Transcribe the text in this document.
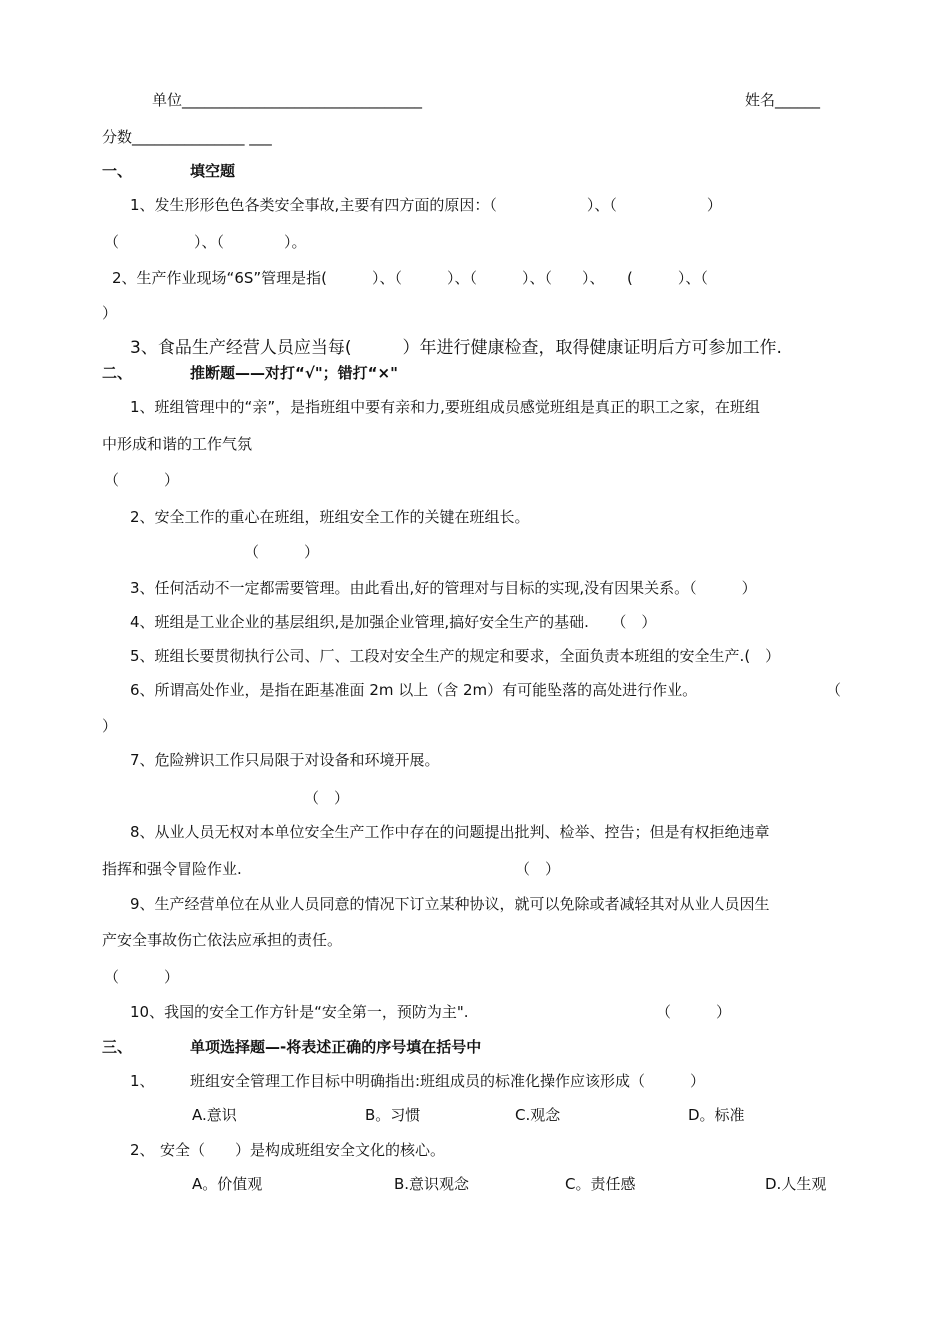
单位________________________________	姓名______
分数_______________ ___
一、	填空题
1、发生形形色色各类安全事故,主要有四方面的原因：（　　　　　　）、（　　　　　　）
（　　　　　）、（　　　　）。
2、生产作业现场“6S”管理是指(　　　）、（　　　）、（　　　）、（　　）、　　(　　　）、（
）
3、食品生产经营人员应当每(　　　）年进行健康检查，取得健康证明后方可参加工作.
二、	推断题——对打“√"；错打“×"
1、班组管理中的“亲”，是指班组中要有亲和力,要班组成员感觉班组是真正的职工之家，在班组
中形成和谐的工作气氛
（　　　）
2、安全工作的重心在班组，班组安全工作的关键在班组长。
（　　　）
3、任何活动不一定都需要管理。由此看出,好的管理对与目标的实现,没有因果关系。（　　　）
4、班组是工业企业的基层组织,是加强企业管理,搞好安全生产的基础.　　（　）
5、班组长要贯彻执行公司、厂、工段对安全生产的规定和要求，全面负责本班组的安全生产.(　）
6、所谓高处作业，是指在距基准面 2m 以上（含 2m）有可能坠落的高处进行作业。	（
）
7、危险辨识工作只局限于对设备和环境开展。
（　）
8、从业人员无权对本单位安全生产工作中存在的问题提出批判、检举、控告；但是有权拒绝违章
指挥和强令冒险作业.	（　）
9、生产经营单位在从业人员同意的情况下订立某种协议，就可以免除或者减轻其对从业人员因生
产安全事故伤亡依法应承担的责任。
（　　　）
10、我国的安全工作方针是“安全第一，预防为主".	（　　　）
三、	单项选择题—-将表述正确的序号填在括号中
1、 班组安全管理工作目标中明确指出:班组成员的标准化操作应该形成（　　　）
A.意识	B。习惯	C.观念	D。标准
2、 安全（　　）是构成班组安全文化的核心。
A。价值观	B.意识观念	C。责任感	D.人生观
